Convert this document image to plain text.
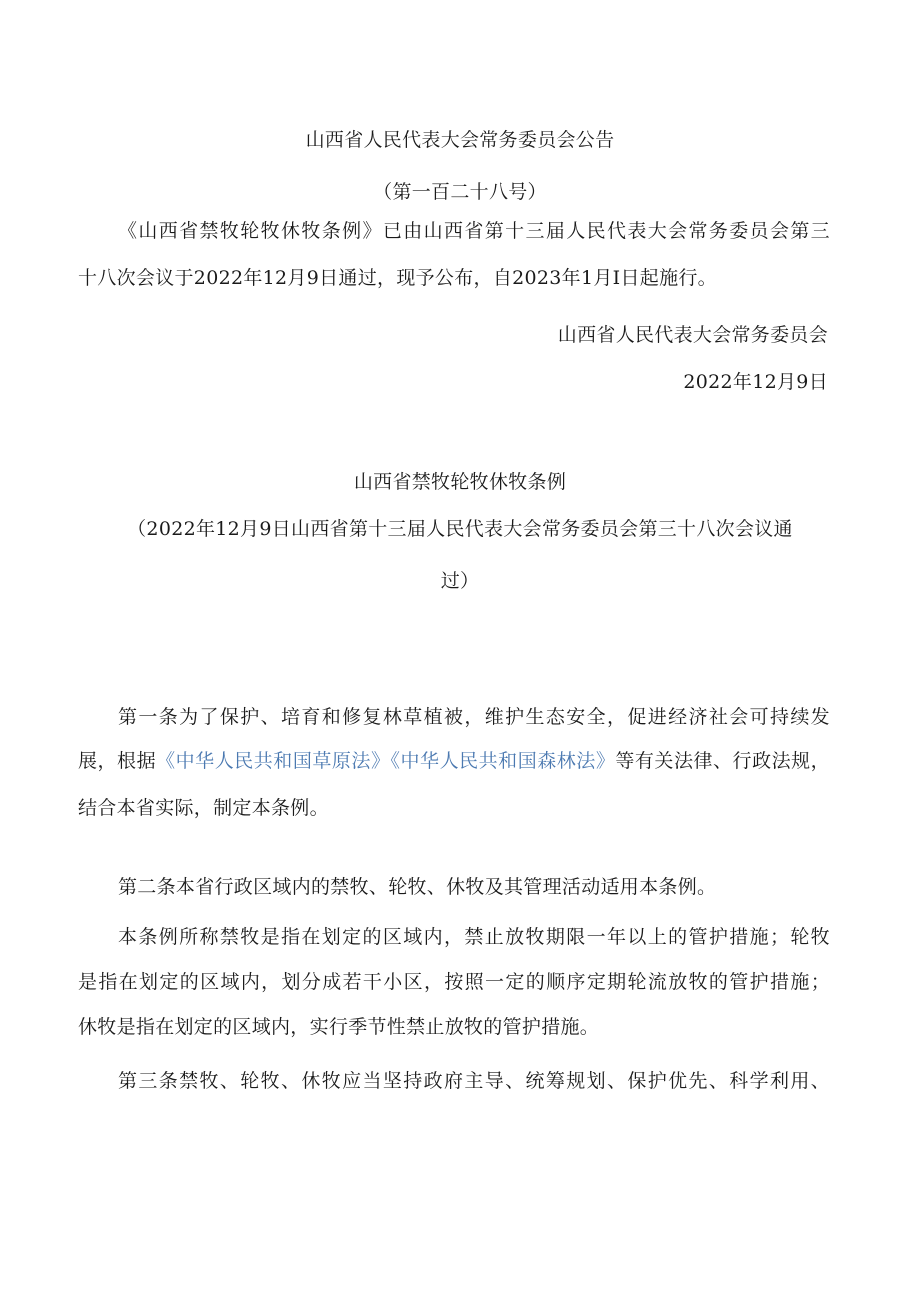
山西省人民代表大会常务委员会公告
（第一百二十八号）
《山西省禁牧轮牧休牧条例》已由山西省第十三届人民代表大会常务委员会第三
十八次会议于2022年12月9日通过，现予公布，自2023年1月I日起施行。
山西省人民代表大会常务委员会
2022年12月9日
山西省禁牧轮牧休牧条例
（2022年12月9日山西省第十三届人民代表大会常务委员会第三十八次会议通
过）
第一条为了保护、培育和修复林草植被，维护生态安全，促进经济社会可持续发
展，根据《中华人民共和国草原法》《中华人民共和国森林法》等有关法律、行政法规，
结合本省实际，制定本条例。
第二条本省行政区域内的禁牧、轮牧、休牧及其管理活动适用本条例。
本条例所称禁牧是指在划定的区域内，禁止放牧期限一年以上的管护措施；轮牧
是指在划定的区域内，划分成若干小区，按照一定的顺序定期轮流放牧的管护措施；
休牧是指在划定的区域内，实行季节性禁止放牧的管护措施。
第三条禁牧、轮牧、休牧应当坚持政府主导、统筹规划、保护优先、科学利用、
